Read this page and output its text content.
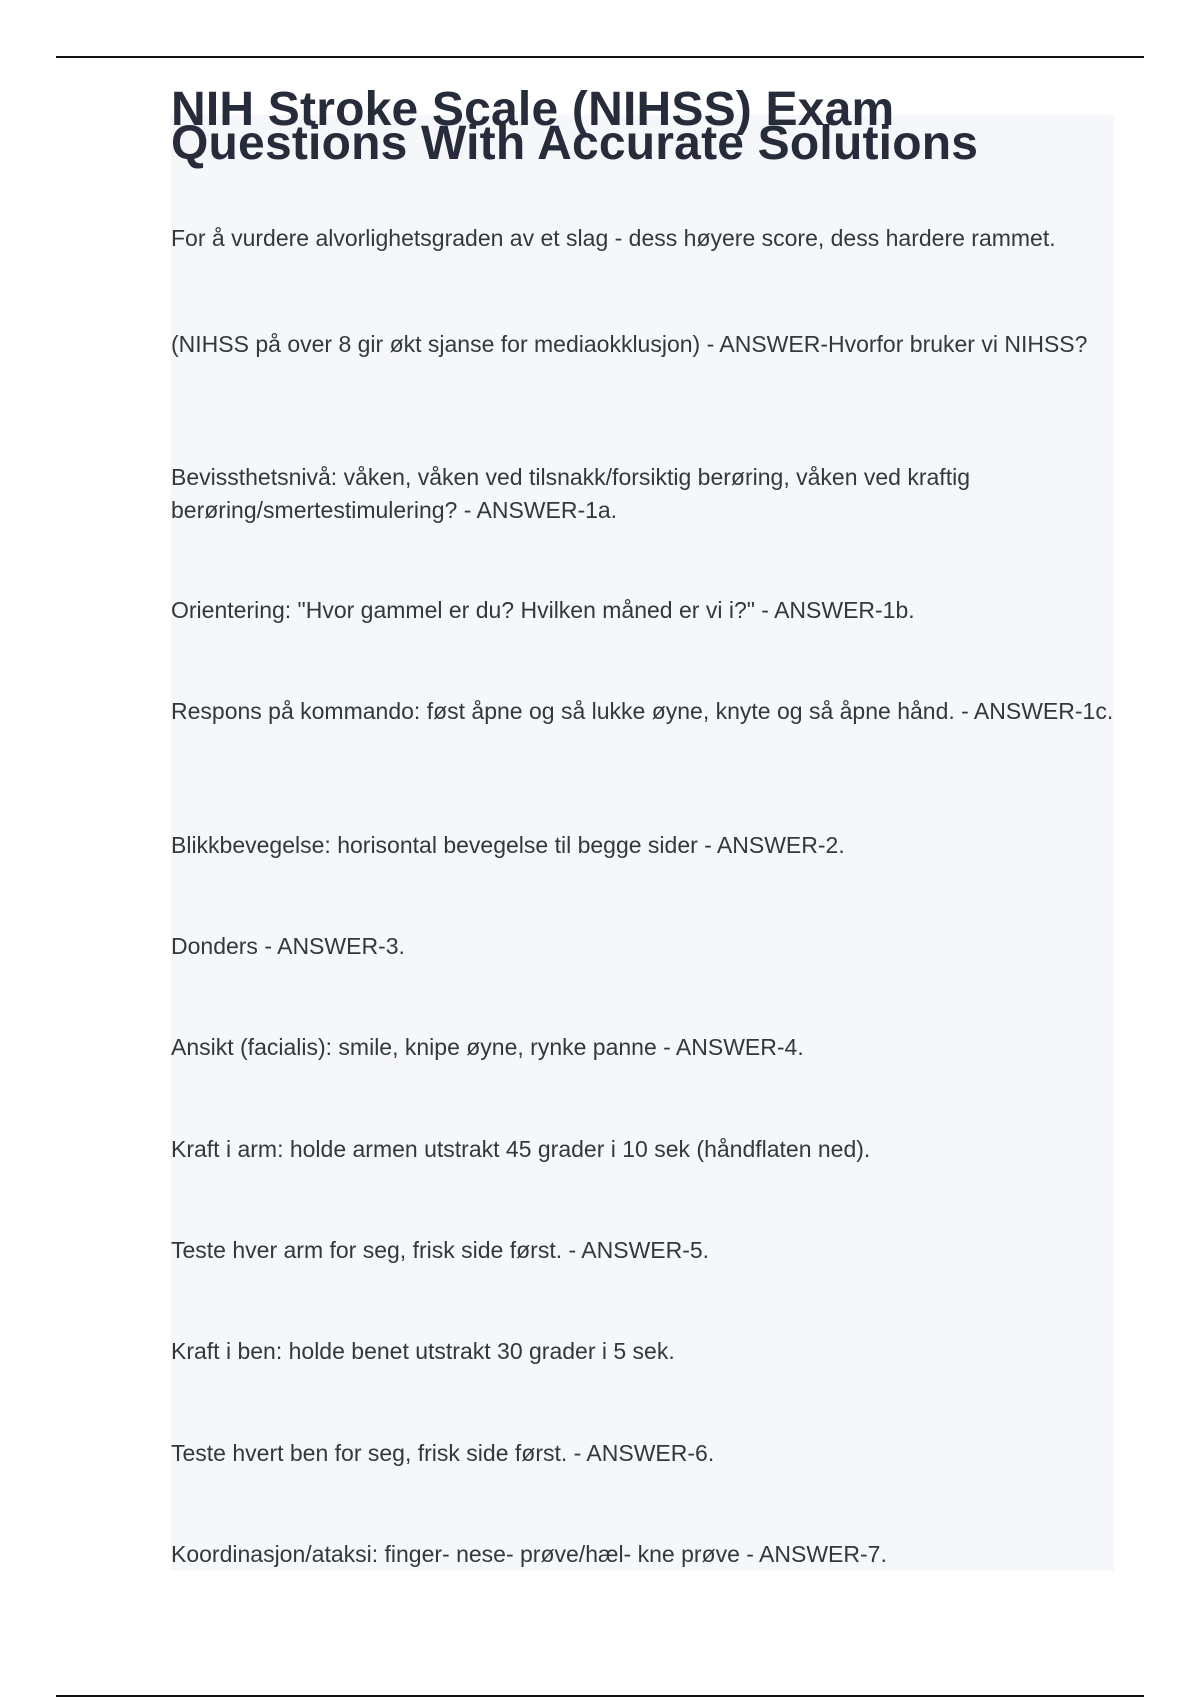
NIH Stroke Scale (NIHSS) Exam Questions With Accurate Solutions

For å vurdere alvorlighetsgraden av et slag - dess høyere score, dess hardere rammet.

(NIHSS på over 8 gir økt sjanse for mediaokklusjon) - ANSWER-Hvorfor bruker vi NIHSS?

Bevissthetsnivå: våken, våken ved tilsnakk/forsiktig berøring, våken ved kraftig berøring/smertestimulering? - ANSWER-1a.

Orientering: "Hvor gammel er du? Hvilken måned er vi i?" - ANSWER-1b.

Respons på kommando: føst åpne og så lukke øyne, knyte og så åpne hånd. - ANSWER-1c.

Blikkbevegelse: horisontal bevegelse til begge sider - ANSWER-2.

Donders - ANSWER-3.

Ansikt (facialis): smile, knipe øyne, rynke panne - ANSWER-4.

Kraft i arm: holde armen utstrakt 45 grader i 10 sek (håndflaten ned).

Teste hver arm for seg, frisk side først. - ANSWER-5.

Kraft i ben: holde benet utstrakt 30 grader i 5 sek.

Teste hvert ben for seg, frisk side først. - ANSWER-6.

Koordinasjon/ataksi: finger- nese- prøve/hæl- kne prøve - ANSWER-7.
